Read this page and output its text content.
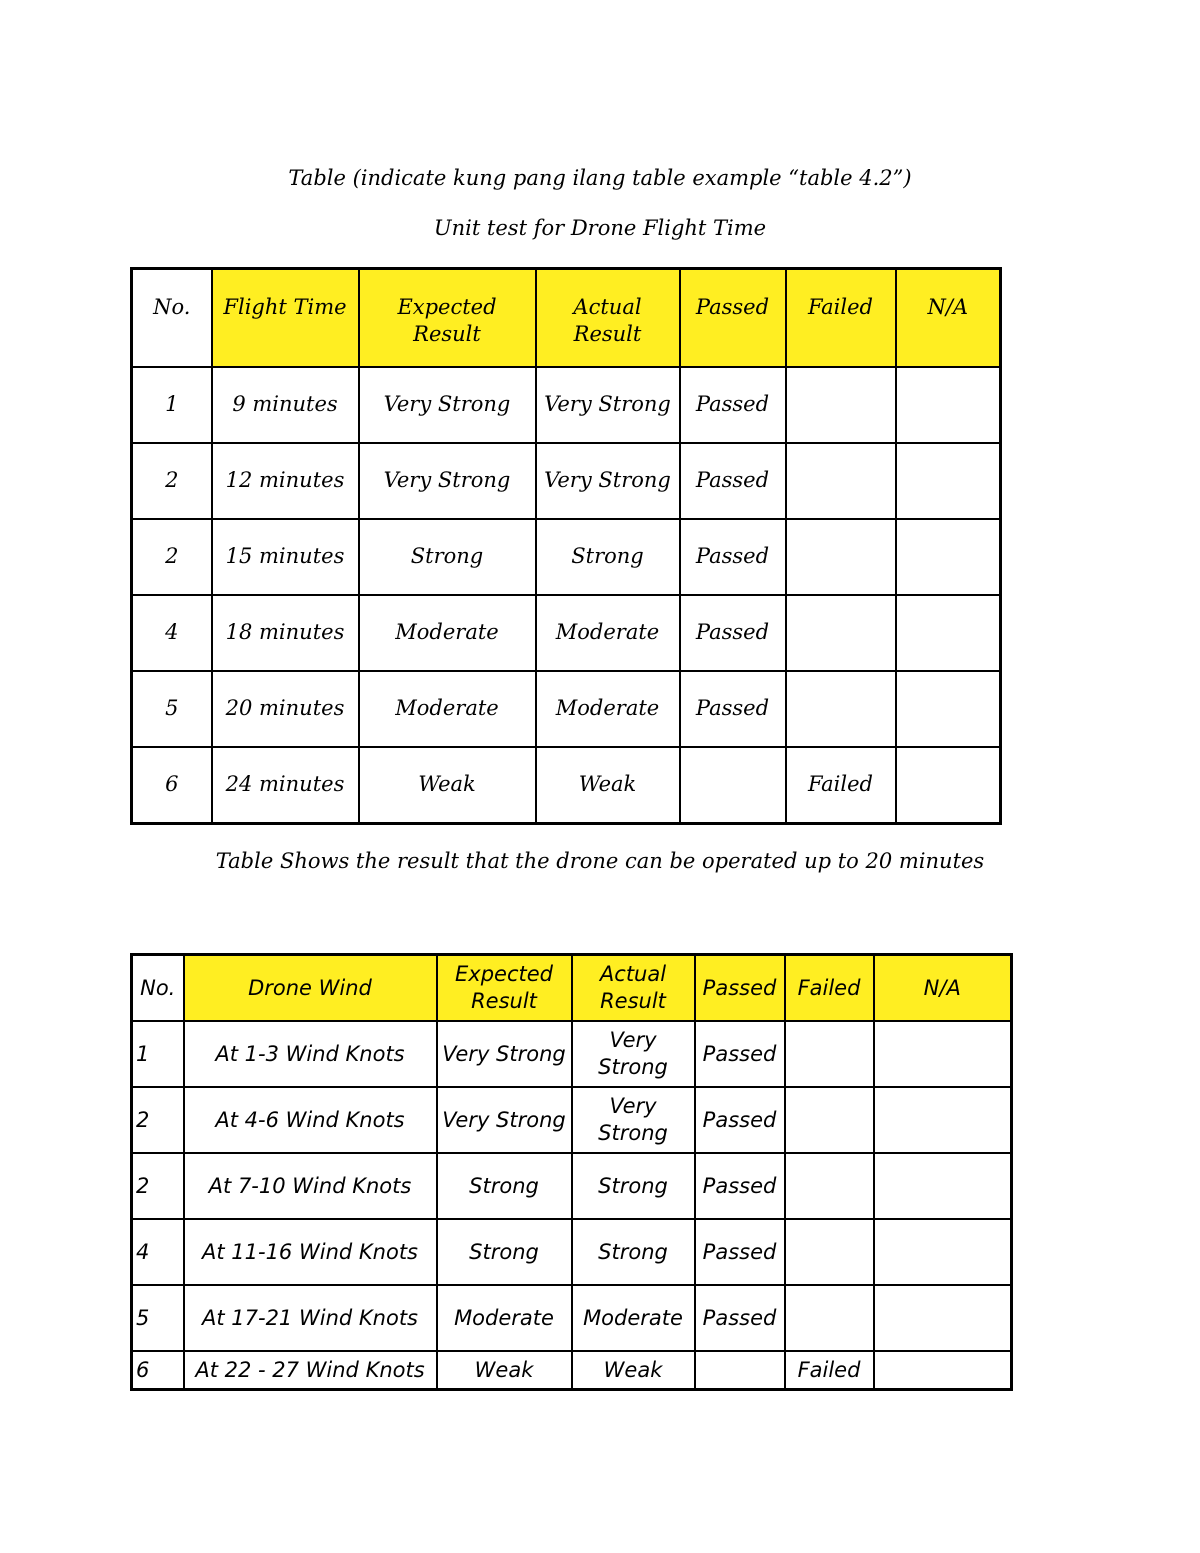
Table (indicate kung pang ilang table example “table 4.2”)
Unit test for Drone Flight Time
No.	Flight Time	Expected Result	Actual Result	Passed	Failed	N/A
1	9 minutes	Very Strong	Very Strong	Passed		
2	12 minutes	Very Strong	Very Strong	Passed		
2	15 minutes	Strong	Strong	Passed		
4	18 minutes	Moderate	Moderate	Passed		
5	20 minutes	Moderate	Moderate	Passed		
6	24 minutes	Weak	Weak		Failed	
Table Shows the result that the drone can be operated up to 20 minutes
No.	Drone Wind	Expected Result	Actual Result	Passed	Failed	N/A
1	At 1-3 Wind Knots	Very Strong	Very Strong	Passed		
2	At 4-6 Wind Knots	Very Strong	Very Strong	Passed		
2	At 7-10 Wind Knots	Strong	Strong	Passed		
4	At 11-16 Wind Knots	Strong	Strong	Passed		
5	At 17-21 Wind Knots	Moderate	Moderate	Passed		
6	At 22 - 27 Wind Knots	Weak	Weak		Failed	
